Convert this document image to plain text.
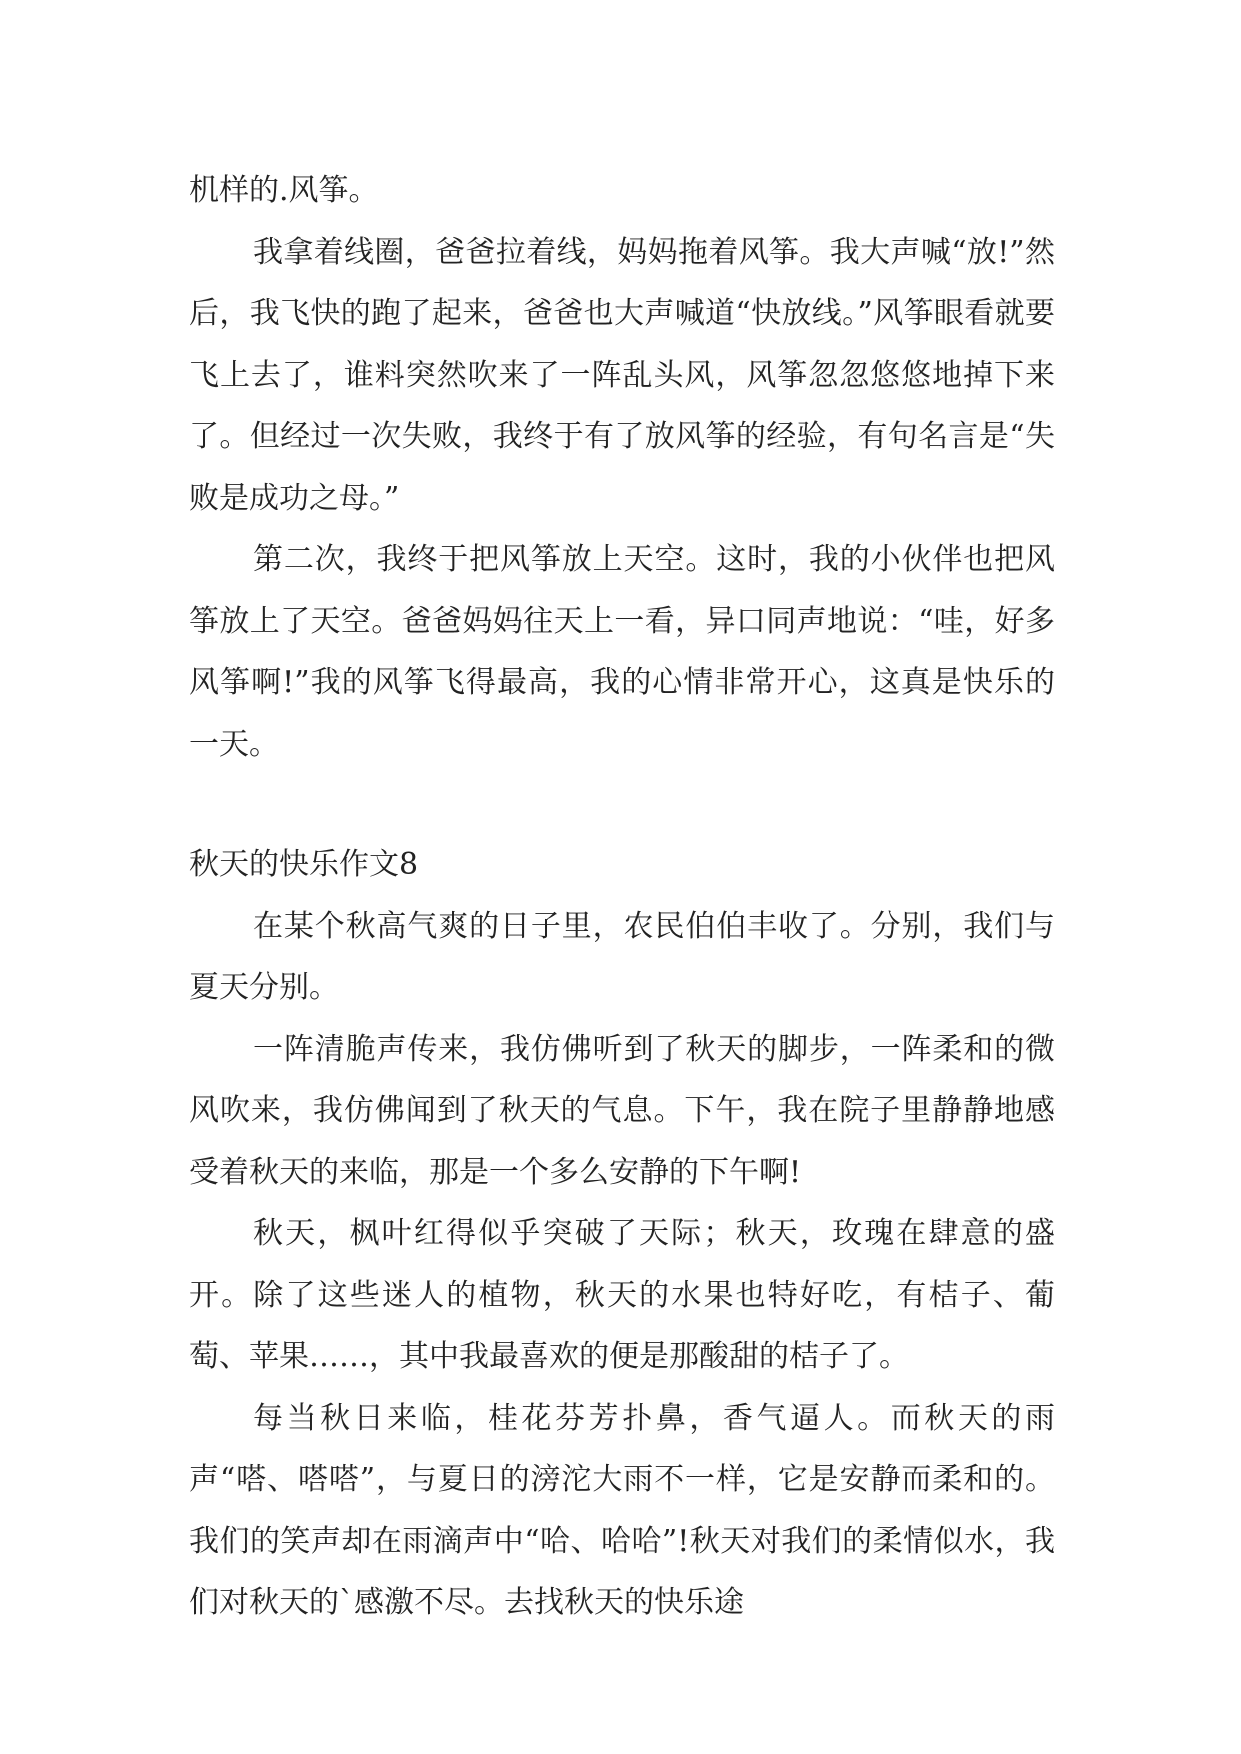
机样的.风筝。

我拿着线圈，爸爸拉着线，妈妈拖着风筝。我大声喊“放!”然后，我飞快的跑了起来，爸爸也大声喊道“快放线。”风筝眼看就要飞上去了，谁料突然吹来了一阵乱头风，风筝忽忽悠悠地掉下来了。但经过一次失败，我终于有了放风筝的经验，有句名言是“失败是成功之母。”

第二次，我终于把风筝放上天空。这时，我的小伙伴也把风筝放上了天空。爸爸妈妈往天上一看，异口同声地说：“哇，好多风筝啊!”我的风筝飞得最高，我的心情非常开心，这真是快乐的一天。

秋天的快乐作文8

在某个秋高气爽的日子里，农民伯伯丰收了。分别，我们与夏天分别。

一阵清脆声传来，我仿佛听到了秋天的脚步，一阵柔和的微风吹来，我仿佛闻到了秋天的气息。下午，我在院子里静静地感受着秋天的来临，那是一个多么安静的下午啊!

秋天，枫叶红得似乎突破了天际；秋天，玫瑰在肆意的盛开。除了这些迷人的植物，秋天的水果也特好吃，有桔子、葡萄、苹果……，其中我最喜欢的便是那酸甜的桔子了。

每当秋日来临，桂花芬芳扑鼻，香气逼人。而秋天的雨声“嗒、嗒嗒”，与夏日的滂沱大雨不一样，它是安静而柔和的。我们的笑声却在雨滴声中“哈、哈哈”!秋天对我们的柔情似水，我们对秋天的`感激不尽。去找秋天的快乐途
